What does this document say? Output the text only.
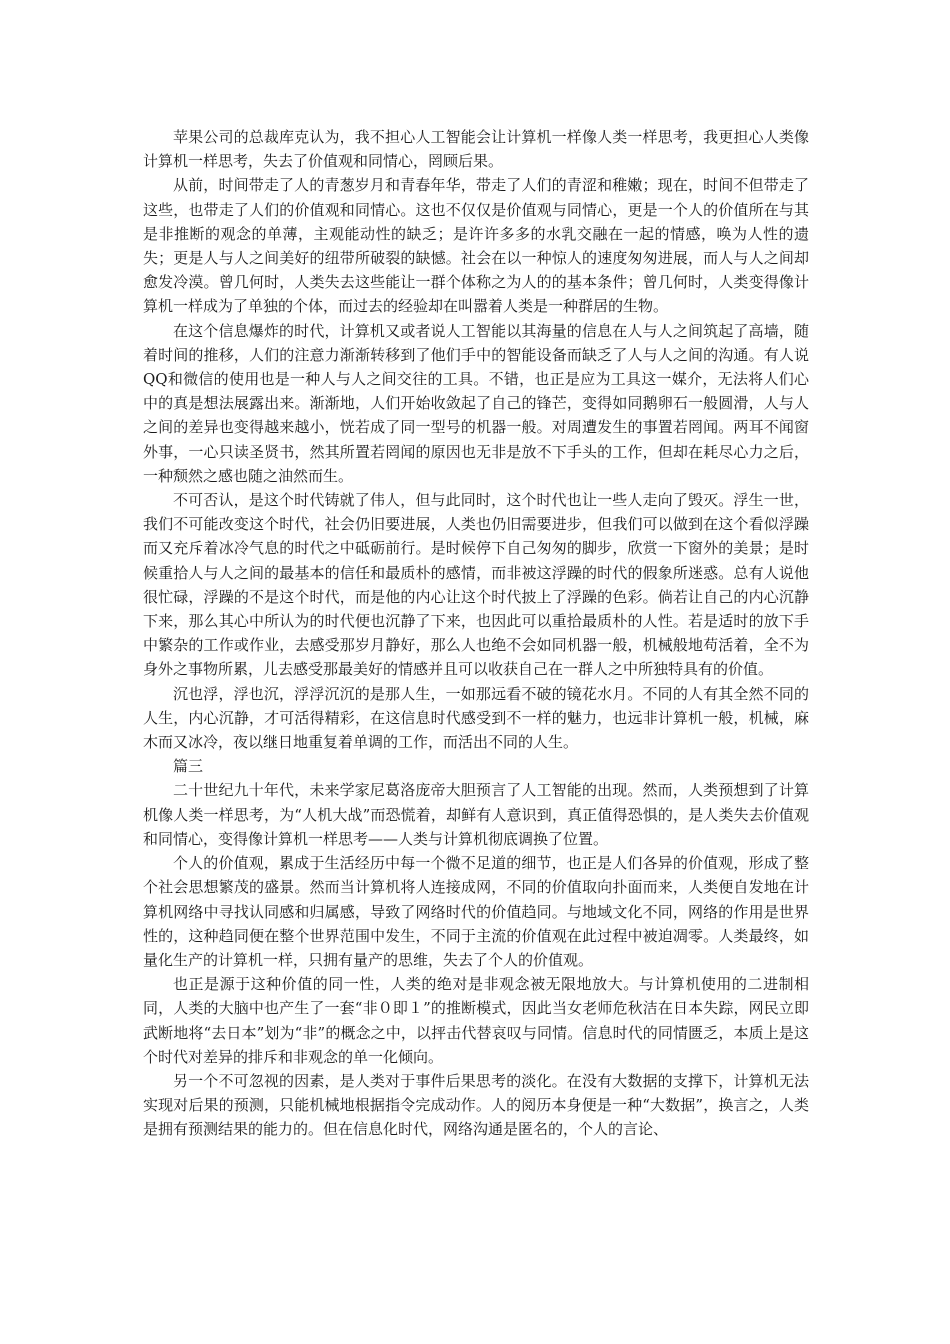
苹果公司的总裁库克认为，我不担心人工智能会让计算机一样像人类一样思考，我更担心人类像计算机一样思考，失去了价值观和同情心，罔顾后果。

从前，时间带走了人的青葱岁月和青春年华，带走了人们的青涩和稚嫩；现在，时间不但带走了这些，也带走了人们的价值观和同情心。这也不仅仅是价值观与同情心，更是一个人的价值所在与其是非推断的观念的单薄，主观能动性的缺乏；是许许多多的水乳交融在一起的情感，唤为人性的遗失；更是人与人之间美好的纽带所破裂的缺憾。社会在以一种惊人的速度匆匆进展，而人与人之间却愈发冷漠。曾几何时，人类失去这些能让一群个体称之为人的的基本条件；曾几何时，人类变得像计算机一样成为了单独的个体，而过去的经验却在叫嚣着人类是一种群居的生物。

在这个信息爆炸的时代，计算机又或者说人工智能以其海量的信息在人与人之间筑起了高墙，随着时间的推移，人们的注意力渐渐转移到了他们手中的智能设备而缺乏了人与人之间的沟通。有人说QQ和微信的使用也是一种人与人之间交往的工具。不错，也正是应为工具这一媒介，无法将人们心中的真是想法展露出来。渐渐地，人们开始收敛起了自己的锋芒，变得如同鹅卵石一般圆滑，人与人之间的差异也变得越来越小，恍若成了同一型号的机器一般。对周遭发生的事置若罔闻。两耳不闻窗外事，一心只读圣贤书，然其所置若罔闻的原因也无非是放不下手头的工作，但却在耗尽心力之后，一种颓然之感也随之油然而生。

不可否认，是这个时代铸就了伟人，但与此同时，这个时代也让一些人走向了毁灭。浮生一世，我们不可能改变这个时代，社会仍旧要进展，人类也仍旧需要进步，但我们可以做到在这个看似浮躁而又充斥着冰冷气息的时代之中砥砺前行。是时候停下自己匆匆的脚步，欣赏一下窗外的美景；是时候重拾人与人之间的最基本的信任和最质朴的感情，而非被这浮躁的时代的假象所迷惑。总有人说他很忙碌，浮躁的不是这个时代，而是他的内心让这个时代披上了浮躁的色彩。倘若让自己的内心沉静下来，那么其心中所认为的时代便也沉静了下来，也因此可以重拾最质朴的人性。若是适时的放下手中繁杂的工作或作业，去感受那岁月静好，那么人也绝不会如同机器一般，机械般地苟活着，全不为身外之事物所累，儿去感受那最美好的情感并且可以收获自己在一群人之中所独特具有的价值。

沉也浮，浮也沉，浮浮沉沉的是那人生，一如那远看不破的镜花水月。不同的人有其全然不同的人生，内心沉静，才可活得精彩，在这信息时代感受到不一样的魅力，也远非计算机一般，机械，麻木而又冰冷，夜以继日地重复着单调的工作，而活出不同的人生。

篇三

二十世纪九十年代，未来学家尼葛洛庞帝大胆预言了人工智能的出现。然而，人类预想到了计算机像人类一样思考，为“人机大战”而恐慌着，却鲜有人意识到，真正值得恐惧的，是人类失去价值观和同情心，变得像计算机一样思考——人类与计算机彻底调换了位置。

个人的价值观，累成于生活经历中每一个微不足道的细节，也正是人们各异的价值观，形成了整个社会思想繁茂的盛景。然而当计算机将人连接成网，不同的价值取向扑面而来，人类便自发地在计算机网络中寻找认同感和归属感，导致了网络时代的价值趋同。与地域文化不同，网络的作用是世界性的，这种趋同便在整个世界范围中发生，不同于主流的价值观在此过程中被迫凋零。人类最终，如量化生产的计算机一样，只拥有量产的思维，失去了个人的价值观。

也正是源于这种价值的同一性，人类的绝对是非观念被无限地放大。与计算机使用的二进制相同，人类的大脑中也产生了一套“非０即１”的推断模式，因此当女老师危秋洁在日本失踪，网民立即武断地将“去日本”划为“非”的概念之中，以抨击代替哀叹与同情。信息时代的同情匮乏，本质上是这个时代对差异的排斥和非观念的单一化倾向。

另一个不可忽视的因素，是人类对于事件后果思考的淡化。在没有大数据的支撑下，计算机无法实现对后果的预测，只能机械地根据指令完成动作。人的阅历本身便是一种“大数据”，换言之，人类是拥有预测结果的能力的。但在信息化时代，网络沟通是匿名的，个人的言论、
